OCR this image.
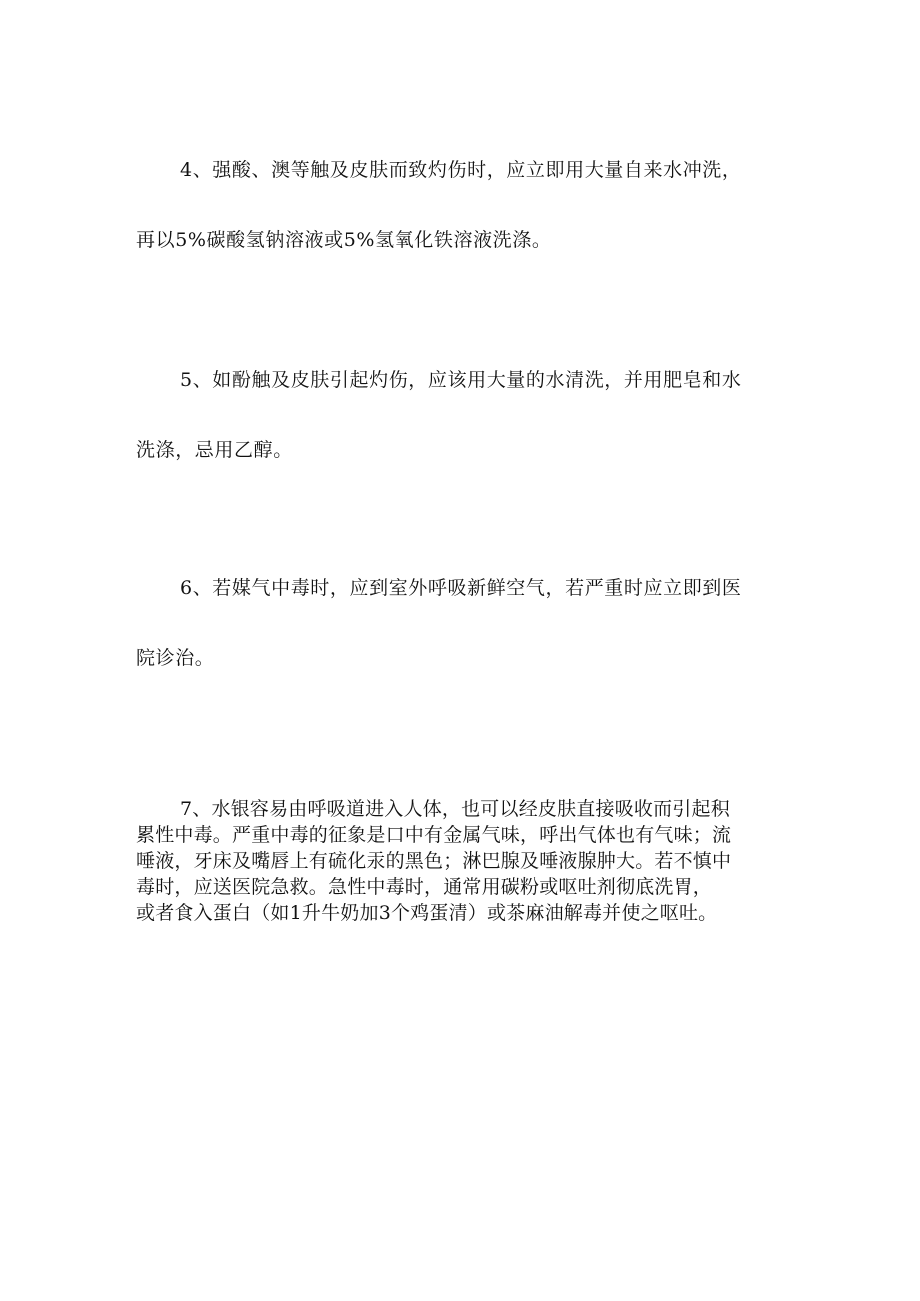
4、强酸、澳等触及皮肤而致灼伤时，应立即用大量自来水冲洗，
再以5%碳酸氢钠溶液或5%氢氧化铁溶液洗涤。
5、如酚触及皮肤引起灼伤，应该用大量的水清洗，并用肥皂和水
洗涤，忌用乙醇。
6、若媒气中毒时，应到室外呼吸新鲜空气，若严重时应立即到医
院诊治。
7、水银容易由呼吸道进入人体，也可以经皮肤直接吸收而引起积
累性中毒。严重中毒的征象是口中有金属气味，呼出气体也有气味；流
唾液，牙床及嘴唇上有硫化汞的黑色；淋巴腺及唾液腺肿大。若不慎中
毒时，应送医院急救。急性中毒时，通常用碳粉或呕吐剂彻底洗胃，
或者食入蛋白（如1升牛奶加3个鸡蛋清）或茶麻油解毒并使之呕吐。
